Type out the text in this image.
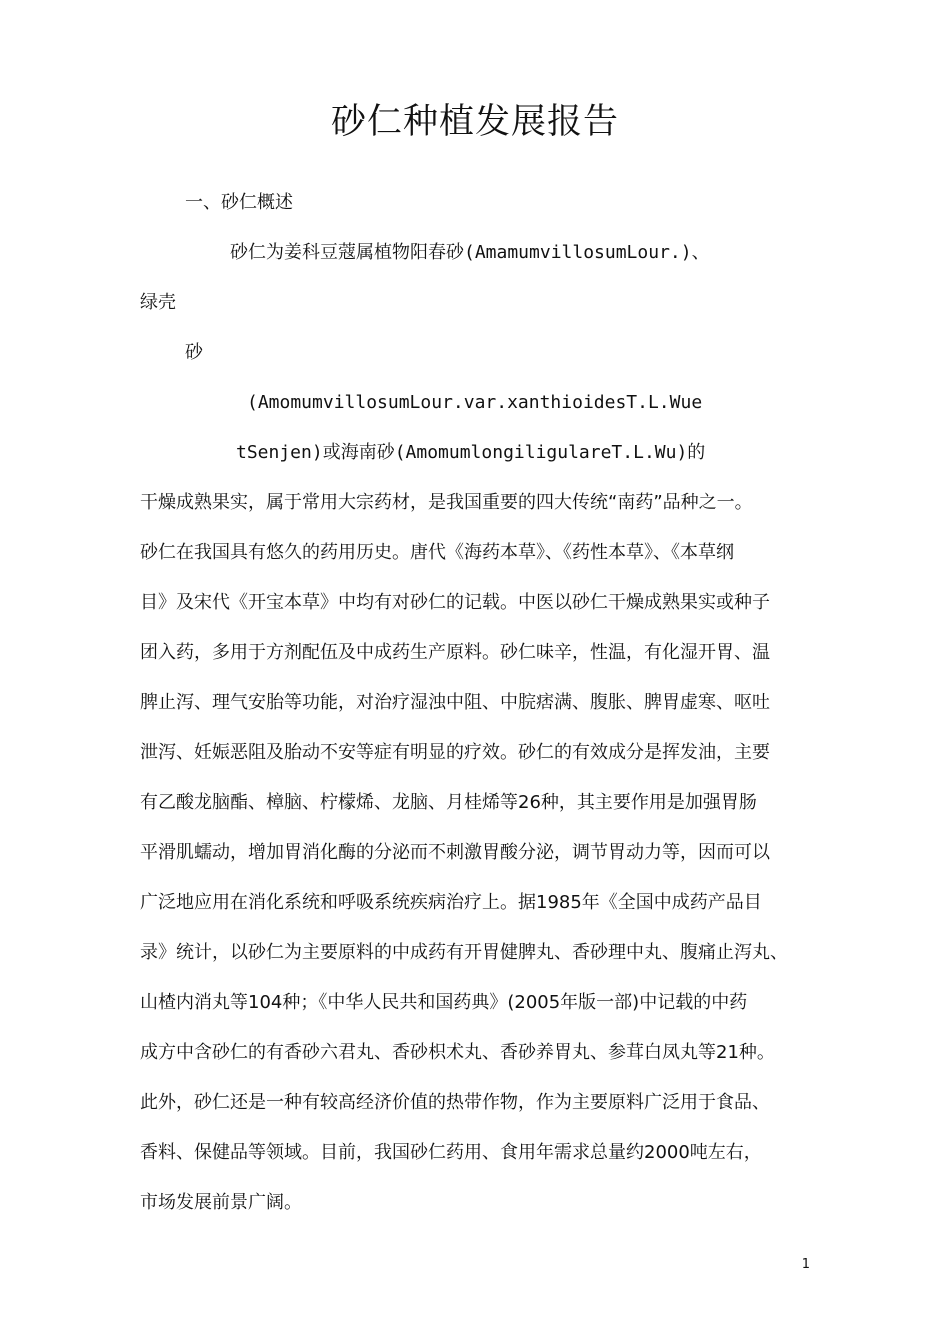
砂仁种植发展报告
一、砂仁概述
砂仁为姜科豆蔻属植物阳春砂(AmamumvillosumLour.)、
绿壳
砂
(AmomumvillosumLour.var.xanthioidesT.L.Wue
tSenjen)或海南砂(AmomumlongiligulareT.L.Wu)的
干燥成熟果实，属于常用大宗药材，是我国重要的四大传统“南药”品种之一。
砂仁在我国具有悠久的药用历史。唐代《海药本草》、《药性本草》、《本草纲
目》及宋代《开宝本草》中均有对砂仁的记载。中医以砂仁干燥成熟果实或种子
团入药，多用于方剂配伍及中成药生产原料。砂仁味辛，性温，有化湿开胃、温
脾止泻、理气安胎等功能，对治疗湿浊中阻、中脘痞满、腹胀、脾胃虚寒、呕吐
泄泻、妊娠恶阻及胎动不安等症有明显的疗效。砂仁的有效成分是挥发油，主要
有乙酸龙脑酯、樟脑、柠檬烯、龙脑、月桂烯等26种，其主要作用是加强胃肠
平滑肌蠕动，增加胃消化酶的分泌而不刺激胃酸分泌，调节胃动力等，因而可以
广泛地应用在消化系统和呼吸系统疾病治疗上。据1985年《全国中成药产品目
录》统计，以砂仁为主要原料的中成药有开胃健脾丸、香砂理中丸、腹痛止泻丸、
山楂内消丸等104种；《中华人民共和国药典》(2005年版一部)中记载的中药
成方中含砂仁的有香砂六君丸、香砂枳术丸、香砂养胃丸、参茸白凤丸等21种。
此外，砂仁还是一种有较高经济价值的热带作物，作为主要原料广泛用于食品、
香料、保健品等领域。目前，我国砂仁药用、食用年需求总量约2000吨左右，
市场发展前景广阔。
1
